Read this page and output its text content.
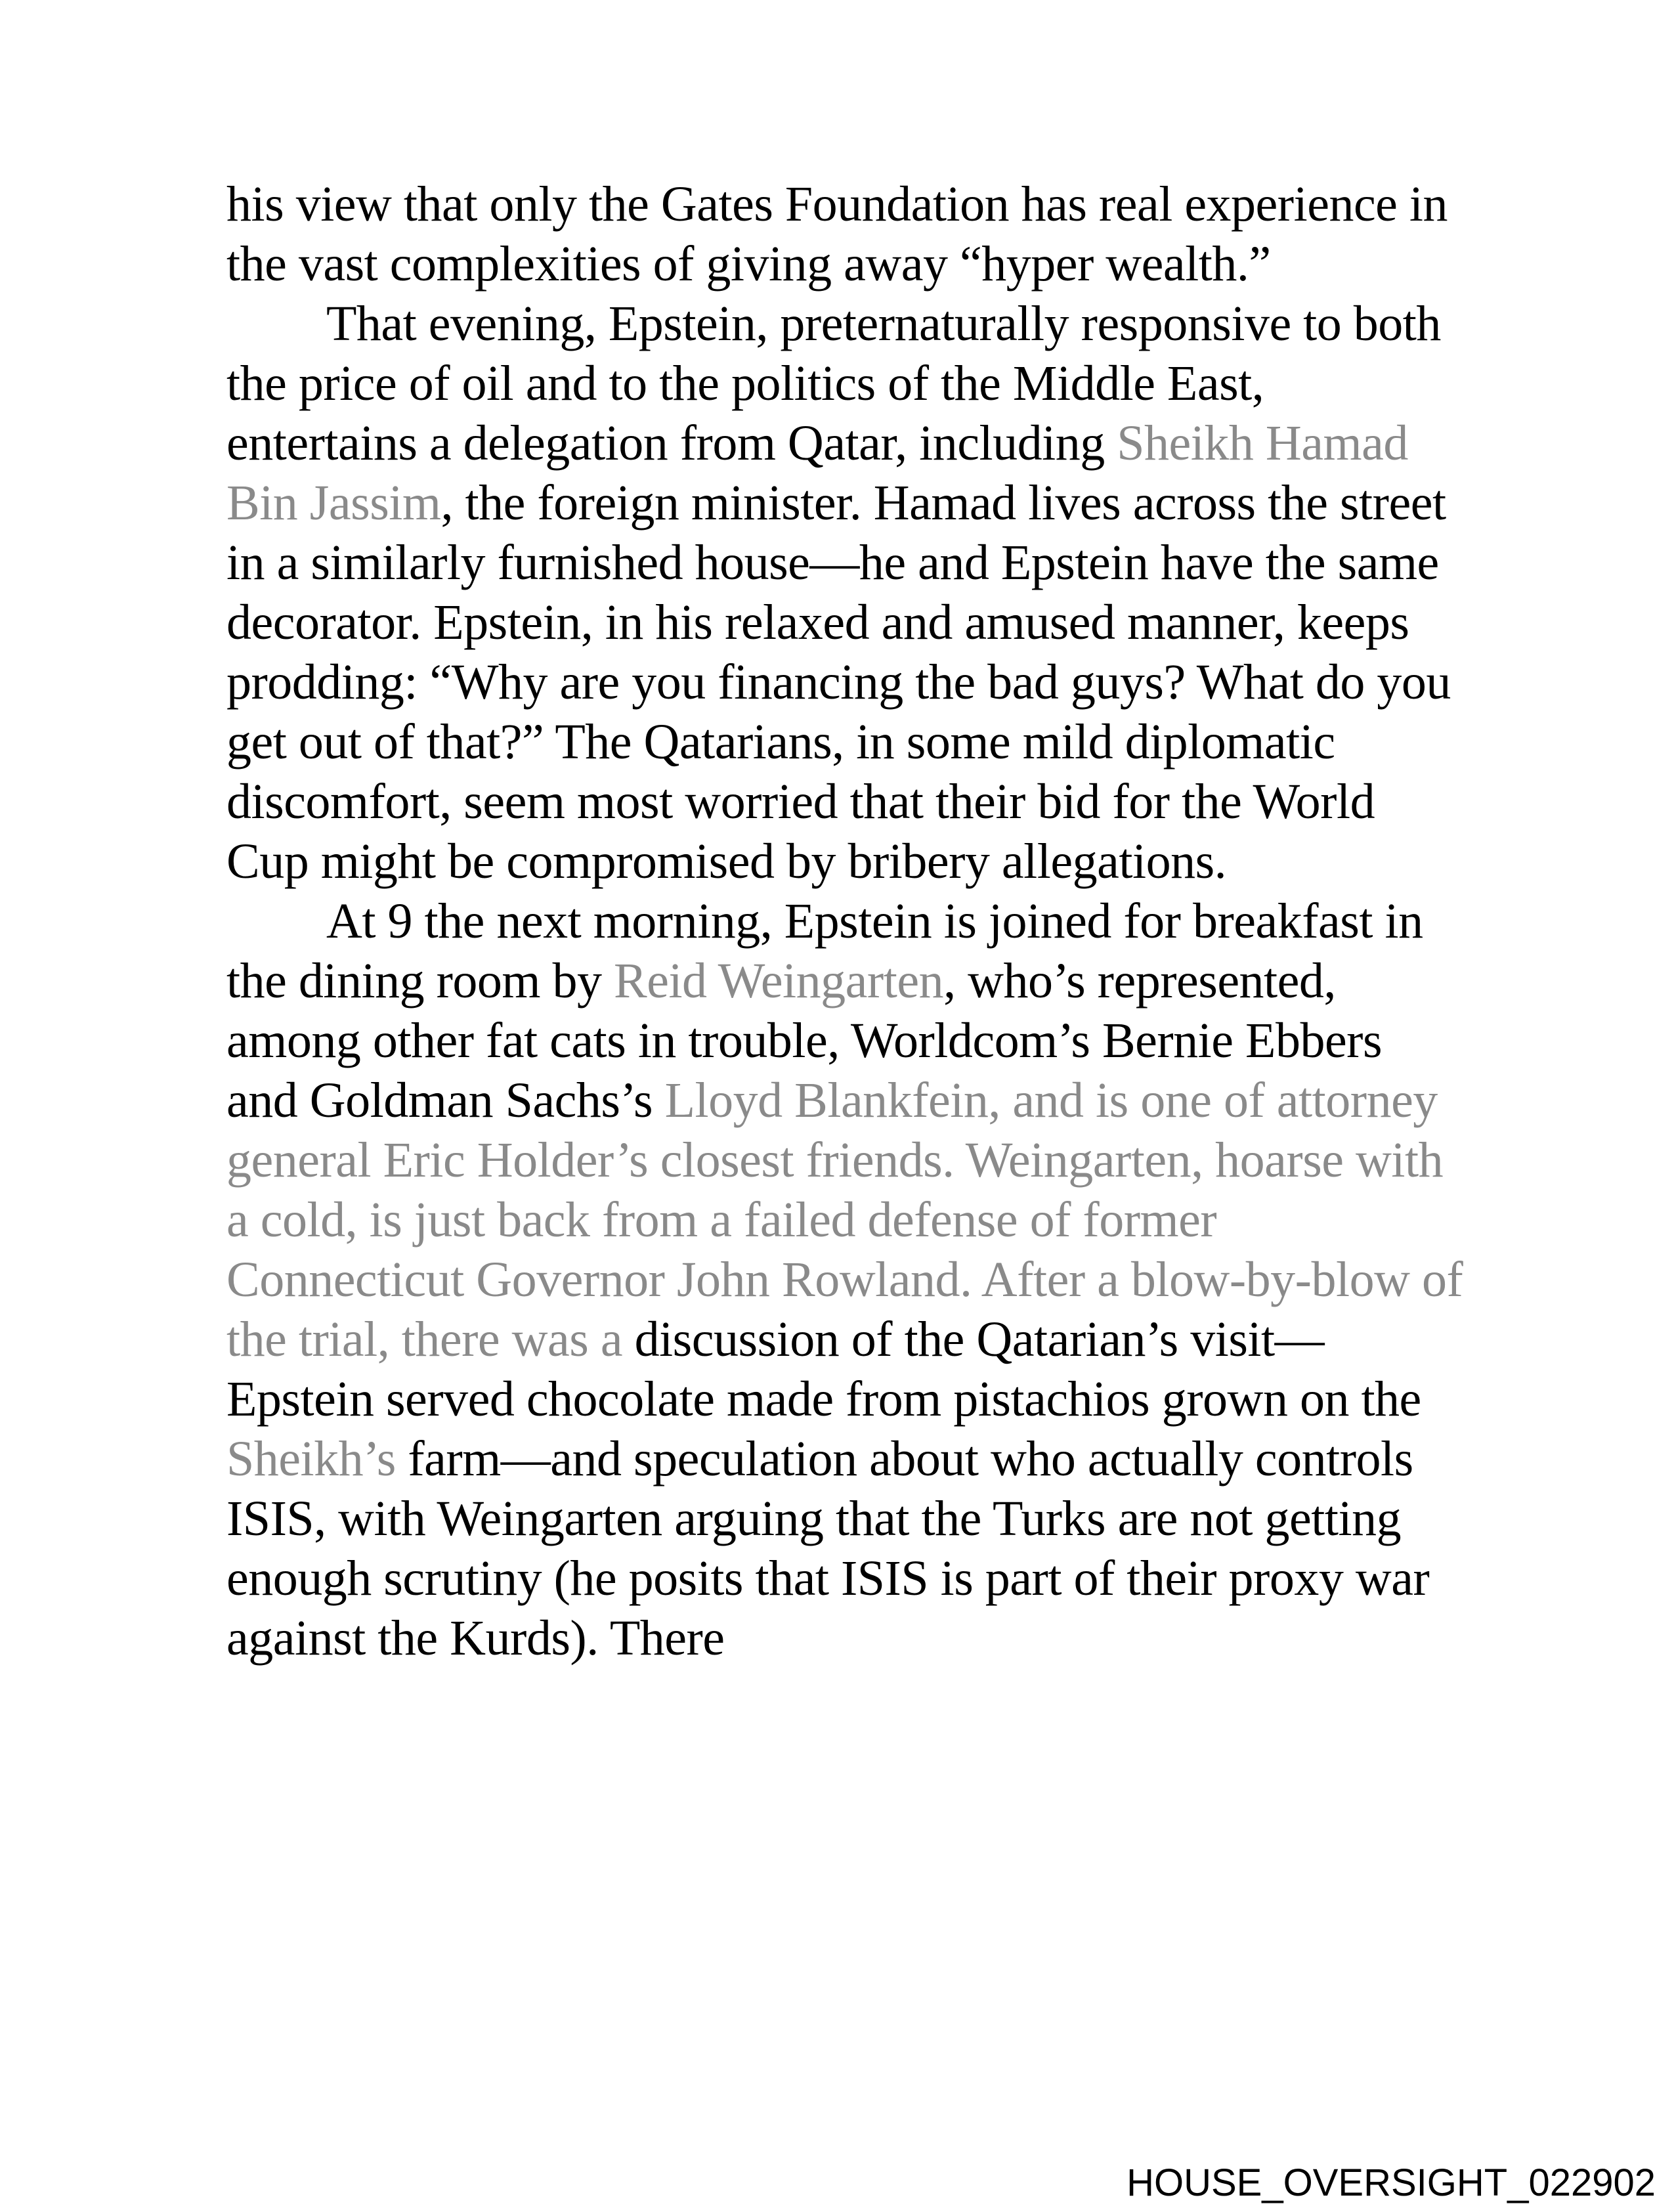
his view that only the Gates Foundation has real experience in the vast complexities of giving away “hyper wealth.”

That evening, Epstein, preternaturally responsive to both the price of oil and to the politics of the Middle East, entertains a delegation from Qatar, including Sheikh Hamad Bin Jassim, the foreign minister. Hamad lives across the street in a similarly furnished house—he and Epstein have the same decorator. Epstein, in his relaxed and amused manner, keeps prodding: “Why are you financing the bad guys? What do you get out of that?” The Qatarians, in some mild diplomatic discomfort, seem most worried that their bid for the World Cup might be compromised by bribery allegations.

At 9 the next morning, Epstein is joined for breakfast in the dining room by Reid Weingarten, who’s represented, among other fat cats in trouble, Worldcom’s Bernie Ebbers and Goldman Sachs’s Lloyd Blankfein, and is one of attorney general Eric Holder’s closest friends. Weingarten, hoarse with a cold, is just back from a failed defense of former Connecticut Governor John Rowland. After a blow-by-blow of the trial, there was a discussion of the Qatarian’s visit—Epstein served chocolate made from pistachios grown on the Sheikh’s farm—and speculation about who actually controls ISIS, with Weingarten arguing that the Turks are not getting enough scrutiny (he posits that ISIS is part of their proxy war against the Kurds). There

HOUSE_OVERSIGHT_022902
